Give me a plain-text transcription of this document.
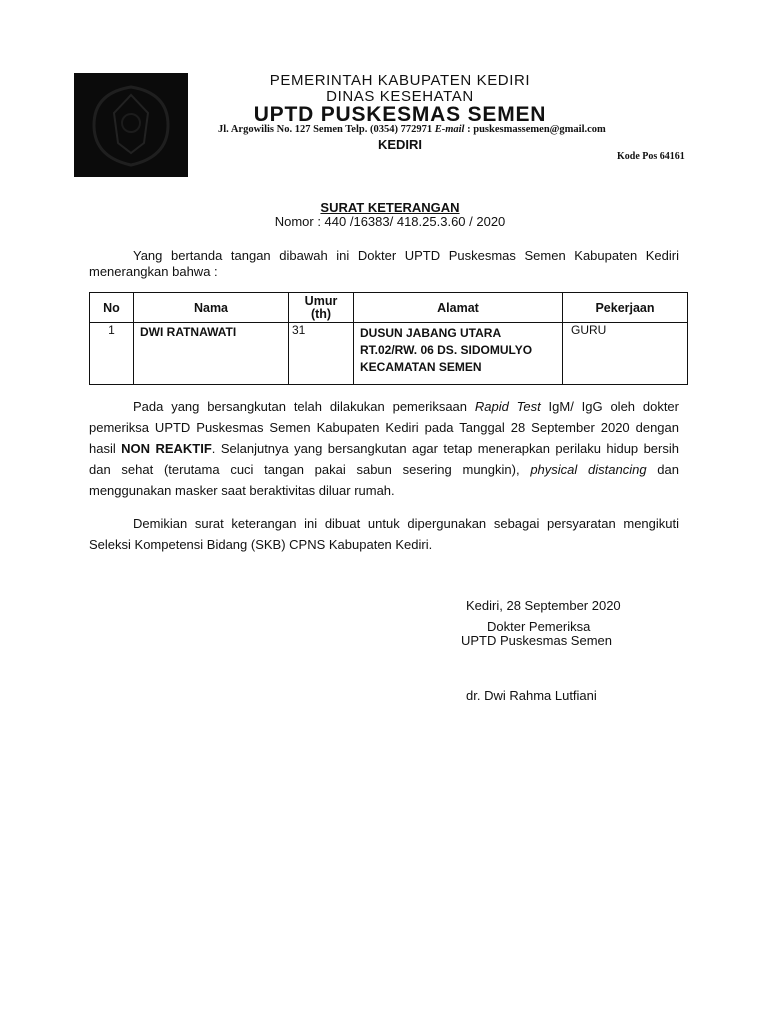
PEMERINTAH KABUPATEN KEDIRI
DINAS KESEHATAN
UPTD PUSKESMAS SEMEN
Jl. Argowilis No. 127 Semen Telp. (0354) 772971 E-mail : puskesmassemen@gmail.com
KEDIRI
Kode Pos 64161
SURAT KETERANGAN
Nomor : 440 /16383/ 418.25.3.60 / 2020
Yang bertanda tangan dibawah ini Dokter UPTD Puskesmas Semen Kabupaten Kediri menerangkan bahwa :
No	Nama	Umur (th)	Alamat	Pekerjaan
1	DWI RATNAWATI	31	DUSUN JABANG UTARA
RT.02/RW. 06 DS. SIDOMULYO
KECAMATAN SEMEN	GURU
Pada yang bersangkutan telah dilakukan pemeriksaan Rapid Test IgM/ IgG oleh dokter pemeriksa UPTD Puskesmas Semen Kabupaten Kediri pada Tanggal 28 September 2020 dengan hasil NON REAKTIF. Selanjutnya yang bersangkutan agar tetap menerapkan perilaku hidup bersih dan sehat (terutama cuci tangan pakai sabun sesering mungkin), physical distancing dan menggunakan masker saat beraktivitas diluar rumah.
Demikian surat keterangan ini dibuat untuk dipergunakan sebagai persyaratan mengikuti Seleksi Kompetensi Bidang (SKB) CPNS Kabupaten Kediri.
Kediri, 28 September 2020
Dokter Pemeriksa
UPTD Puskesmas Semen
dr. Dwi Rahma Lutfiani
